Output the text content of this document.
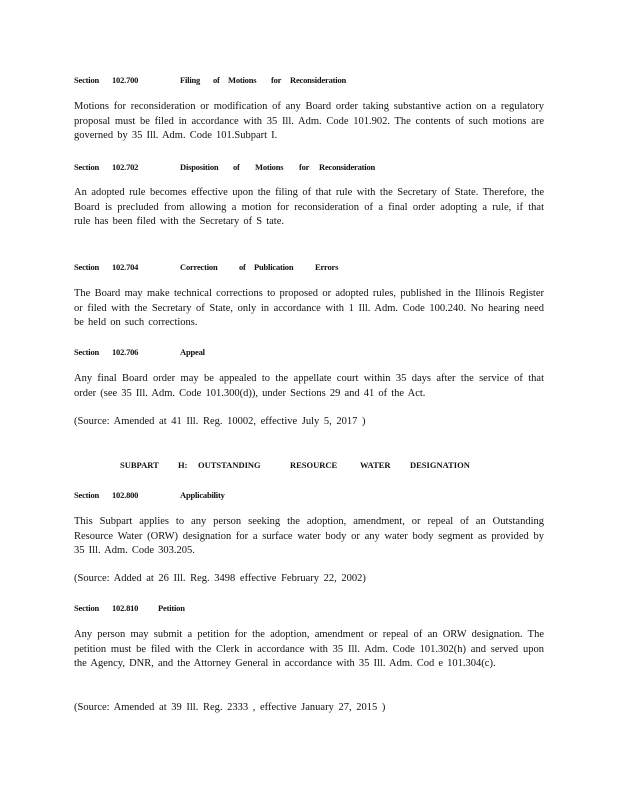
Section 102.700	Filing of Motions for Reconsideration
Motions for reconsideration or modification of any Board order taking substantive action on a regulatory proposal must be filed in accordance with 35 Ill. Adm. Code 101.902. The contents of such motions are governed by 35 Ill. Adm. Code 101.Subpart I.
Section 102.702	Disposition of Motions for Reconsideration
An adopted rule becomes effective upon the filing of that rule with the Secretary of State. Therefore, the Board is precluded from allowing a motion for reconsideration of a final order adopting a rule, if that rule has been filed with the Secretary of S tate.
Section 102.704	Correction	of Publication	Errors
The Board may make technical corrections to proposed or adopted rules, published in the Illinois Register or filed with the Secretary of State, only in accordance with 1 Ill. Adm. Code 100.240. No hearing need be held on such corrections.
Section 102.706	Appeal
Any final Board order may be appealed to the appellate court within 35 days after the service of that order (see 35 Ill. Adm. Code 101.300(d)), under Sections 29 and 41 of the Act.
(Source: Amended at 41 Ill. Reg. 10002, effective July 5, 2017 )
SUBPART H: OUTSTANDING	RESOURCE	WATER DESIGNATION
Section 102.800	Applicability
This Subpart applies to any person seeking the adoption, amendment, or repeal of an Outstanding Resource Water (ORW) designation for a surface water body or any water body segment as provided by 35 Ill. Adm. Code 303.205.
(Source: Added at 26 Ill. Reg. 3498 effective February 22, 2002)
Section 102.810 Petition
Any person may submit a petition for the adoption, amendment or repeal of an ORW designation. The petition must be filed with the Clerk in accordance with 35 Ill. Adm. Code 101.302(h) and served upon the Agency, DNR, and the Attorney General in accordance with 35 Ill. Adm. Cod e 101.304(c).
(Source: Amended at 39 Ill. Reg. 2333 , effective January 27, 2015 )
